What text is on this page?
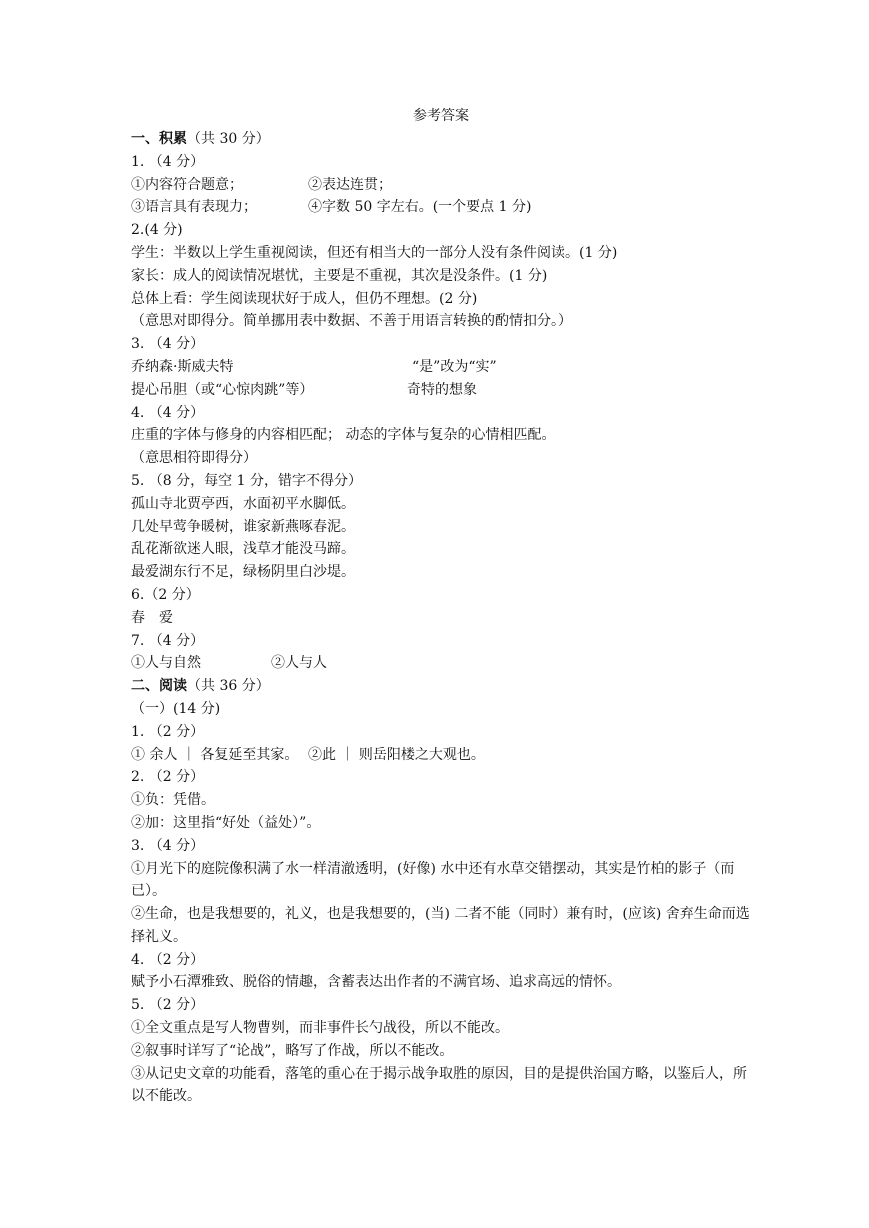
参考答案
一、积累（共 30 分）
1. （4 分）
①内容符合题意；	②表达连贯；
③语言具有表现力；	④字数 50 字左右。(一个要点 1 分)
2.(4 分)
学生：半数以上学生重视阅读，但还有相当大的一部分人没有条件阅读。(1 分)
家长：成人的阅读情况堪忧，主要是不重视，其次是没条件。(1 分)
总体上看：学生阅读现状好于成人，但仍不理想。(2 分)
（意思对即得分。简单挪用表中数据、不善于用语言转换的酌情扣分。）
3. （4 分）
乔纳森·斯威夫特	“是”改为“实”
提心吊胆（或“心惊肉跳”等）	奇特的想象
4. （4 分）
庄重的字体与修身的内容相匹配； 动态的字体与复杂的心情相匹配。
（意思相符即得分）
5. （8 分，每空 1 分，错字不得分）
孤山寺北贾亭西，水面初平水脚低。
几处早莺争暖树，谁家新燕啄春泥。
乱花渐欲迷人眼，浅草才能没马蹄。
最爱湖东行不足，绿杨阴里白沙堤。
6.（2 分）
春　爱
7. （4 分）
①人与自然	②人与人
二、阅读（共 36 分）
（一）(14 分)
1. （2 分）
① 余人 ｜ 各复延至其家。 ②此 ｜ 则岳阳楼之大观也。
2. （2 分）
①负：凭借。
②加：这里指“好处（益处）”。
3. （4 分）
①月光下的庭院像积满了水一样清澈透明，(好像) 水中还有水草交错摆动，其实是竹柏的影子（而已）。
②生命，也是我想要的，礼义，也是我想要的，(当) 二者不能（同时）兼有时，(应该) 舍弃生命而选择礼义。
4. （2 分）
赋予小石潭雅致、脱俗的情趣，含蓄表达出作者的不满官场、追求高远的情怀。
5. （2 分）
①全文重点是写人物曹刿，而非事件长勺战役，所以不能改。
②叙事时详写了“论战”，略写了作战，所以不能改。
③从记史文章的功能看，落笔的重心在于揭示战争取胜的原因，目的是提供治国方略，以鉴后人，所以不能改。
